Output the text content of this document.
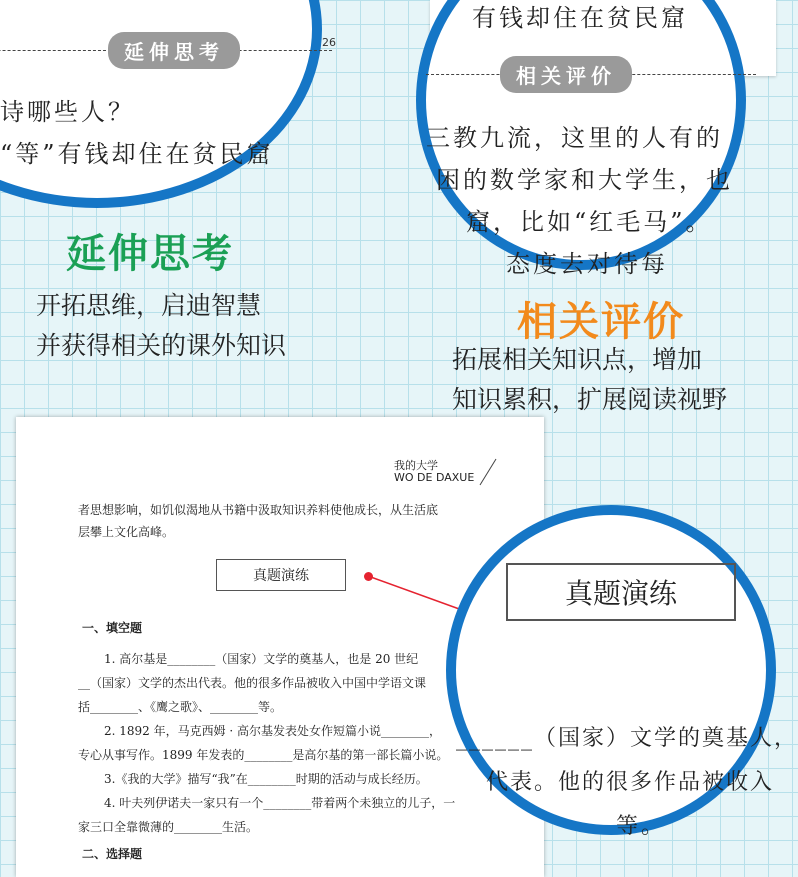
延伸思考	26
诗哪些人？
“等”有钱却住在贫民窟
有钱却住在贫民窟
相关评价
三教九流，这里的人有的
困的数学家和大学生，也
窟，比如“红毛马”。
态度去对待每
延伸思考
开拓思维，启迪智慧
并获得相关的课外知识
相关评价
拓展相关知识点，增加
知识累积，扩展阅读视野
我的大学
WO DE DAXUE
者思想影响，如饥似渴地从书籍中汲取知识养料使他成长，从生活底
层攀上文化高峰。
真题演练
一、填空题
1. 高尔基是________（国家）文学的奠基人，也是 20 世纪
__（国家）文学的杰出代表。他的很多作品被收入中国中学语文课
括________、《鹰之歌》、________等。
2. 1892 年，马克西姆 · 高尔基发表处女作短篇小说________，
专心从事写作。1899 年发表的________是高尔基的第一部长篇小说。
3.《我的大学》描写“我”在________时期的活动与成长经历。
4. 叶夫列伊诺夫一家只有一个________带着两个未独立的儿子，一
家三口全靠微薄的________生活。
二、选择题
真题演练
______（国家）文学的奠基人，
代表。他的很多作品被收入
等。
